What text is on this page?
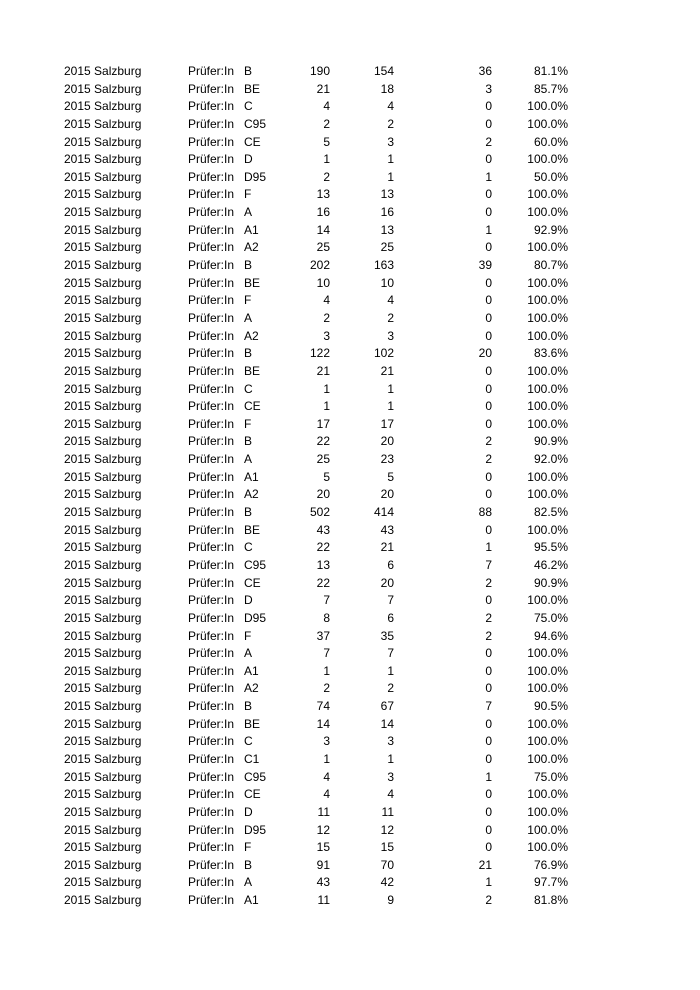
2015 Salzburg	Prüfer:In B	190	154	36	81.1%
2015 Salzburg	Prüfer:In BE	21	18	3	85.7%
2015 Salzburg	Prüfer:In C	4	4	0	100.0%
2015 Salzburg	Prüfer:In C95	2	2	0	100.0%
2015 Salzburg	Prüfer:In CE	5	3	2	60.0%
2015 Salzburg	Prüfer:In D	1	1	0	100.0%
2015 Salzburg	Prüfer:In D95	2	1	1	50.0%
2015 Salzburg	Prüfer:In F	13	13	0	100.0%
2015 Salzburg	Prüfer:In A	16	16	0	100.0%
2015 Salzburg	Prüfer:In A1	14	13	1	92.9%
2015 Salzburg	Prüfer:In A2	25	25	0	100.0%
2015 Salzburg	Prüfer:In B	202	163	39	80.7%
2015 Salzburg	Prüfer:In BE	10	10	0	100.0%
2015 Salzburg	Prüfer:In F	4	4	0	100.0%
2015 Salzburg	Prüfer:In A	2	2	0	100.0%
2015 Salzburg	Prüfer:In A2	3	3	0	100.0%
2015 Salzburg	Prüfer:In B	122	102	20	83.6%
2015 Salzburg	Prüfer:In BE	21	21	0	100.0%
2015 Salzburg	Prüfer:In C	1	1	0	100.0%
2015 Salzburg	Prüfer:In CE	1	1	0	100.0%
2015 Salzburg	Prüfer:In F	17	17	0	100.0%
2015 Salzburg	Prüfer:In B	22	20	2	90.9%
2015 Salzburg	Prüfer:In A	25	23	2	92.0%
2015 Salzburg	Prüfer:In A1	5	5	0	100.0%
2015 Salzburg	Prüfer:In A2	20	20	0	100.0%
2015 Salzburg	Prüfer:In B	502	414	88	82.5%
2015 Salzburg	Prüfer:In BE	43	43	0	100.0%
2015 Salzburg	Prüfer:In C	22	21	1	95.5%
2015 Salzburg	Prüfer:In C95	13	6	7	46.2%
2015 Salzburg	Prüfer:In CE	22	20	2	90.9%
2015 Salzburg	Prüfer:In D	7	7	0	100.0%
2015 Salzburg	Prüfer:In D95	8	6	2	75.0%
2015 Salzburg	Prüfer:In F	37	35	2	94.6%
2015 Salzburg	Prüfer:In A	7	7	0	100.0%
2015 Salzburg	Prüfer:In A1	1	1	0	100.0%
2015 Salzburg	Prüfer:In A2	2	2	0	100.0%
2015 Salzburg	Prüfer:In B	74	67	7	90.5%
2015 Salzburg	Prüfer:In BE	14	14	0	100.0%
2015 Salzburg	Prüfer:In C	3	3	0	100.0%
2015 Salzburg	Prüfer:In C1	1	1	0	100.0%
2015 Salzburg	Prüfer:In C95	4	3	1	75.0%
2015 Salzburg	Prüfer:In CE	4	4	0	100.0%
2015 Salzburg	Prüfer:In D	11	11	0	100.0%
2015 Salzburg	Prüfer:In D95	12	12	0	100.0%
2015 Salzburg	Prüfer:In F	15	15	0	100.0%
2015 Salzburg	Prüfer:In B	91	70	21	76.9%
2015 Salzburg	Prüfer:In A	43	42	1	97.7%
2015 Salzburg	Prüfer:In A1	11	9	2	81.8%
